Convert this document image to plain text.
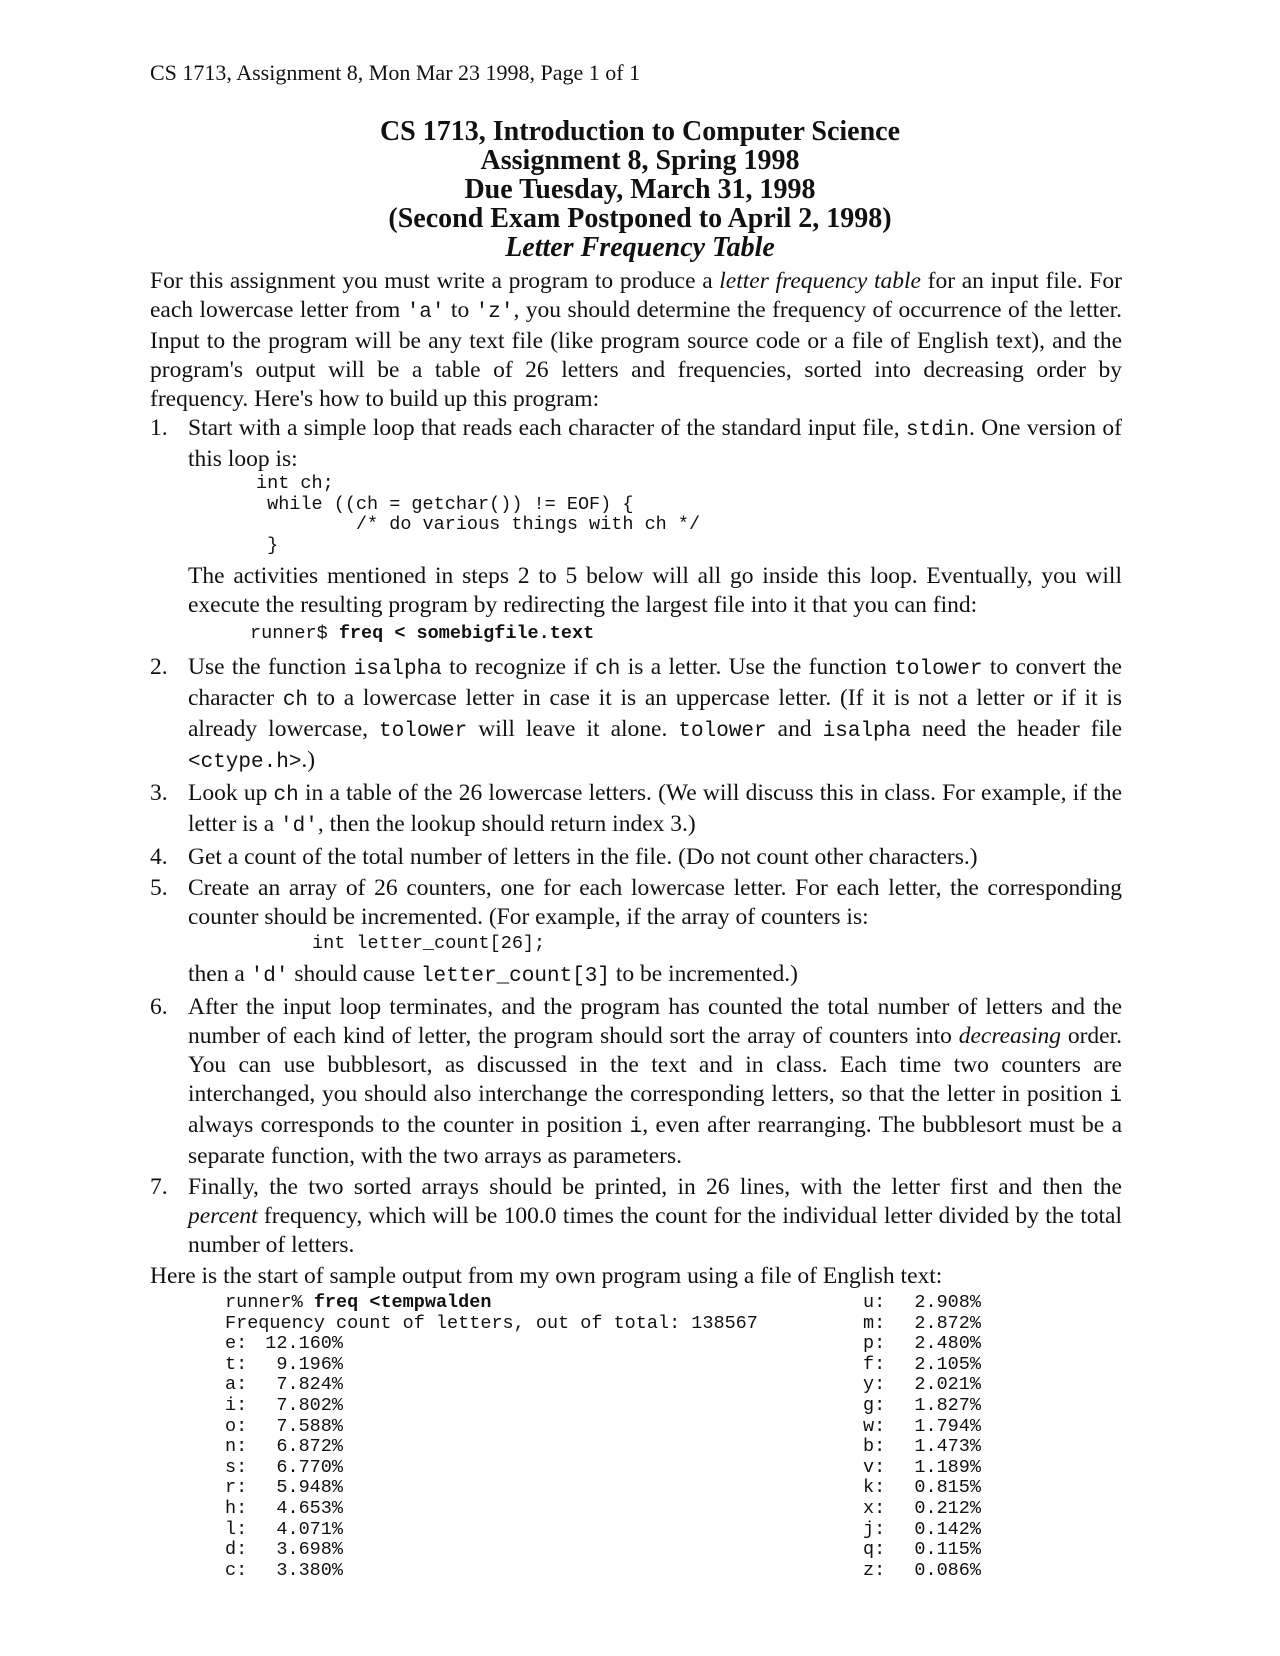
CS 1713, Assignment 8, Mon Mar 23 1998, Page 1 of 1
CS 1713, Introduction to Computer Science
Assignment 8, Spring 1998
Due Tuesday, March 31, 1998
(Second Exam Postponed to April 2, 1998)
Letter Frequency Table

For this assignment you must write a program to produce a letter frequency table for an input file. For each lowercase letter from 'a' to 'z', you should determine the frequency of occurrence of the letter. Input to the program will be any text file (like program source code or a file of English text), and the program's output will be a table of 26 letters and frequencies, sorted into decreasing order by frequency. Here's how to build up this program:

1. Start with a simple loop that reads each character of the standard input file, stdin. One version of this loop is:
int ch;
while ((ch = getchar()) != EOF) {
/* do various things with ch */
}
The activities mentioned in steps 2 to 5 below will all go inside this loop. Eventually, you will execute the resulting program by redirecting the largest file into it that you can find:
runner$ freq < somebigfile.text
2. Use the function isalpha to recognize if ch is a letter. Use the function tolower to convert the character ch to a lowercase letter in case it is an uppercase letter. (If it is not a letter or if it is already lowercase, tolower will leave it alone. tolower and isalpha need the header file <ctype.h>.)
3. Look up ch in a table of the 26 lowercase letters. (We will discuss this in class. For example, if the letter is a 'd', then the lookup should return index 3.)
4. Get a count of the total number of letters in the file. (Do not count other characters.)
5. Create an array of 26 counters, one for each lowercase letter. For each letter, the corresponding counter should be incremented. (For example, if the array of counters is:
int letter_count[26];
then a 'd' should cause letter_count[3] to be incremented.)
6. After the input loop terminates, and the program has counted the total number of letters and the number of each kind of letter, the program should sort the array of counters into decreasing order. You can use bubblesort, as discussed in the text and in class. Each time two counters are interchanged, you should also interchange the corresponding letters, so that the letter in position i always corresponds to the counter in position i, even after rearranging. The bubblesort must be a separate function, with the two arrays as parameters.
7. Finally, the two sorted arrays should be printed, in 26 lines, with the letter first and then the percent frequency, which will be 100.0 times the count for the individual letter divided by the total number of letters.

Here is the start of sample output from my own program using a file of English text:

runner% freq <tempwalden
Frequency count of letters, out of total: 138567
e: 12.160%
t: 9.196%
a: 7.824%
i: 7.802%
o: 7.588%
n: 6.872%
s: 6.770%
r: 5.948%
h: 4.653%
l: 4.071%
d: 3.698%
c: 3.380%
u: 2.908%
m: 2.872%
p: 2.480%
f: 2.105%
y: 2.021%
g: 1.827%
w: 1.794%
b: 1.473%
v: 1.189%
k: 0.815%
x: 0.212%
j: 0.142%
q: 0.115%
z: 0.086%
